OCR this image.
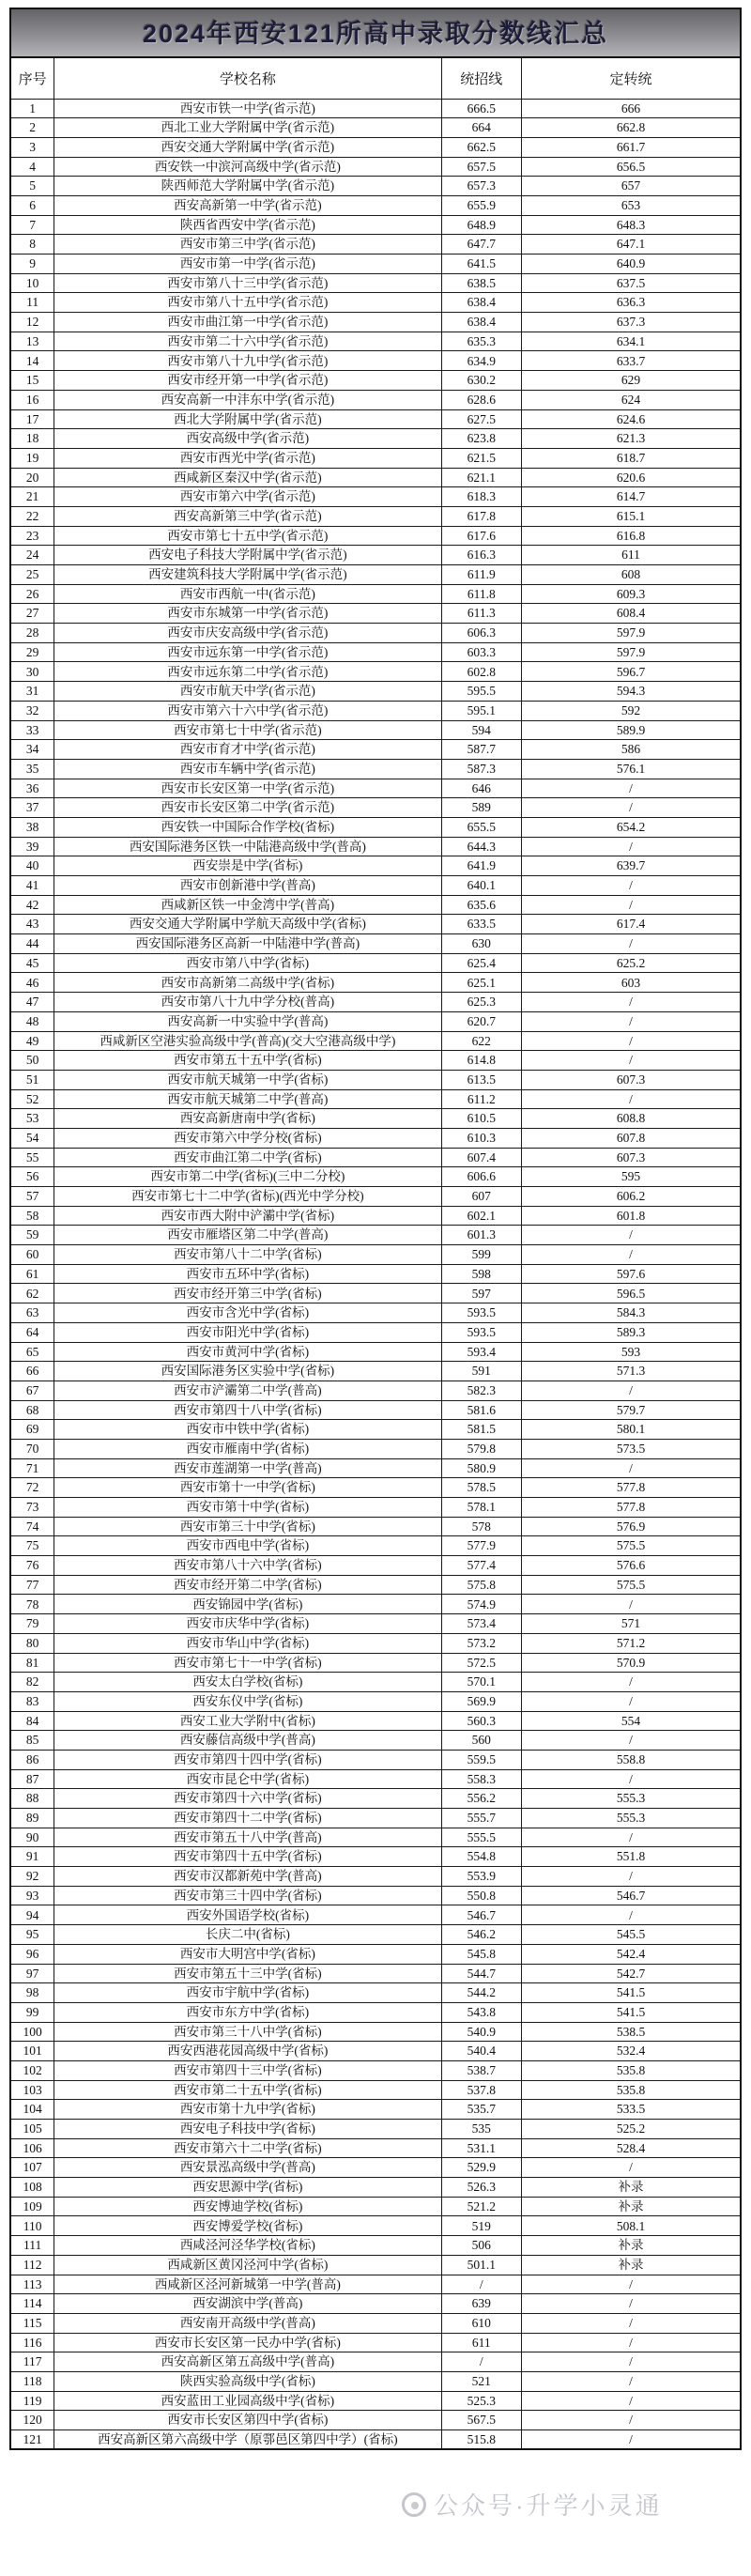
2024年西安121所高中录取分数线汇总
序号	学校名称	统招线	定转统
1	西安市铁一中学(省示范)	666.5	666
2	西北工业大学附属中学(省示范)	664	662.8
3	西安交通大学附属中学(省示范)	662.5	661.7
4	西安铁一中滨河高级中学(省示范)	657.5	656.5
5	陕西师范大学附属中学(省示范)	657.3	657
6	西安高新第一中学(省示范)	655.9	653
7	陕西省西安中学(省示范)	648.9	648.3
8	西安市第三中学(省示范)	647.7	647.1
9	西安市第一中学(省示范)	641.5	640.9
10	西安市第八十三中学(省示范)	638.5	637.5
11	西安市第八十五中学(省示范)	638.4	636.3
12	西安市曲江第一中学(省示范)	638.4	637.3
13	西安市第二十六中学(省示范)	635.3	634.1
14	西安市第八十九中学(省示范)	634.9	633.7
15	西安市经开第一中学(省示范)	630.2	629
16	西安高新一中沣东中学(省示范)	628.6	624
17	西北大学附属中学(省示范)	627.5	624.6
18	西安高级中学(省示范)	623.8	621.3
19	西安市西光中学(省示范)	621.5	618.7
20	西咸新区秦汉中学(省示范)	621.1	620.6
21	西安市第六中学(省示范)	618.3	614.7
22	西安高新第三中学(省示范)	617.8	615.1
23	西安市第七十五中学(省示范)	617.6	616.8
24	西安电子科技大学附属中学(省示范)	616.3	611
25	西安建筑科技大学附属中学(省示范)	611.9	608
26	西安市西航一中(省示范)	611.8	609.3
27	西安市东城第一中学(省示范)	611.3	608.4
28	西安市庆安高级中学(省示范)	606.3	597.9
29	西安市远东第一中学(省示范)	603.3	597.9
30	西安市远东第二中学(省示范)	602.8	596.7
31	西安市航天中学(省示范)	595.5	594.3
32	西安市第六十六中学(省示范)	595.1	592
33	西安市第七十中学(省示范)	594	589.9
34	西安市育才中学(省示范)	587.7	586
35	西安市车辆中学(省示范)	587.3	576.1
36	西安市长安区第一中学(省示范)	646	/
37	西安市长安区第二中学(省示范)	589	/
38	西安铁一中国际合作学校(省标)	655.5	654.2
39	西安国际港务区铁一中陆港高级中学(普高)	644.3	/
40	西安崇是中学(省标)	641.9	639.7
41	西安市创新港中学(普高)	640.1	/
42	西咸新区铁一中金湾中学(普高)	635.6	/
43	西安交通大学附属中学航天高级中学(省标)	633.5	617.4
44	西安国际港务区高新一中陆港中学(普高)	630	/
45	西安市第八中学(省标)	625.4	625.2
46	西安市高新第二高级中学(省标)	625.1	603
47	西安市第八十九中学分校(普高)	625.3	/
48	西安高新一中实验中学(普高)	620.7	/
49	西咸新区空港实验高级中学(普高)(交大空港高级中学)	622	/
50	西安市第五十五中学(省标)	614.8	/
51	西安市航天城第一中学(省标)	613.5	607.3
52	西安市航天城第二中学(普高)	611.2	/
53	西安高新唐南中学(省标)	610.5	608.8
54	西安市第六中学分校(省标)	610.3	607.8
55	西安市曲江第二中学(省标)	607.4	607.3
56	西安市第二中学(省标)(三中二分校)	606.6	595
57	西安市第七十二中学(省标)(西光中学分校)	607	606.2
58	西安市西大附中浐灞中学(省标)	602.1	601.8
59	西安市雁塔区第二中学(普高)	601.3	/
60	西安市第八十二中学(省标)	599	/
61	西安市五环中学(省标)	598	597.6
62	西安市经开第三中学(省标)	597	596.5
63	西安市含光中学(省标)	593.5	584.3
64	西安市阳光中学(省标)	593.5	589.3
65	西安市黄河中学(省标)	593.4	593
66	西安国际港务区实验中学(省标)	591	571.3
67	西安市浐灞第二中学(普高)	582.3	/
68	西安市第四十八中学(省标)	581.6	579.7
69	西安市中铁中学(省标)	581.5	580.1
70	西安市雁南中学(省标)	579.8	573.5
71	西安市莲湖第一中学(普高)	580.9	/
72	西安市第十一中学(省标)	578.5	577.8
73	西安市第十中学(省标)	578.1	577.8
74	西安市第三十中学(省标)	578	576.9
75	西安市西电中学(省标)	577.9	575.5
76	西安市第八十六中学(省标)	577.4	576.6
77	西安市经开第二中学(省标)	575.8	575.5
78	西安锦园中学(省标)	574.9	/
79	西安市庆华中学(省标)	573.4	571
80	西安市华山中学(省标)	573.2	571.2
81	西安市第七十一中学(省标)	572.5	570.9
82	西安太白学校(省标)	570.1	/
83	西安东仪中学(省标)	569.9	/
84	西安工业大学附中(省标)	560.3	554
85	西安藤信高级中学(普高)	560	/
86	西安市第四十四中学(省标)	559.5	558.8
87	西安市昆仑中学(省标)	558.3	/
88	西安市第四十六中学(省标)	556.2	555.3
89	西安市第四十二中学(省标)	555.7	555.3
90	西安市第五十八中学(普高)	555.5	/
91	西安市第四十五中学(省标)	554.8	551.8
92	西安市汉都新苑中学(普高)	553.9	/
93	西安市第三十四中学(省标)	550.8	546.7
94	西安外国语学校(省标)	546.7	/
95	长庆二中(省标)	546.2	545.5
96	西安市大明宫中学(省标)	545.8	542.4
97	西安市第五十三中学(省标)	544.7	542.7
98	西安市宇航中学(省标)	544.2	541.5
99	西安市东方中学(省标)	543.8	541.5
100	西安市第三十八中学(省标)	540.9	538.5
101	西安西港花园高级中学(省标)	540.4	532.4
102	西安市第四十三中学(省标)	538.7	535.8
103	西安市第二十五中学(省标)	537.8	535.8
104	西安市第十九中学(省标)	535.7	533.5
105	西安电子科技中学(省标)	535	525.2
106	西安市第六十二中学(省标)	531.1	528.4
107	西安景泓高级中学(普高)	529.9	/
108	西安思源中学(省标)	526.3	补录
109	西安博迪学校(省标)	521.2	补录
110	西安博爱学校(省标)	519	508.1
111	西咸泾河泾华学校(省标)	506	补录
112	西咸新区黄冈泾河中学(省标)	501.1	补录
113	西咸新区泾河新城第一中学(普高)	/	/
114	西安湖滨中学(普高)	639	/
115	西安南开高级中学(普高)	610	/
116	西安市长安区第一民办中学(省标)	611	/
117	西安高新区第五高级中学(普高)	/	/
118	陕西实验高级中学(省标)	521	/
119	西安蓝田工业园高级中学(省标)	525.3	/
120	西安市长安区第四中学(省标)	567.5	/
121	西安高新区第六高级中学（原鄠邑区第四中学）(省标)	515.8	/
公众号·升学小灵通
